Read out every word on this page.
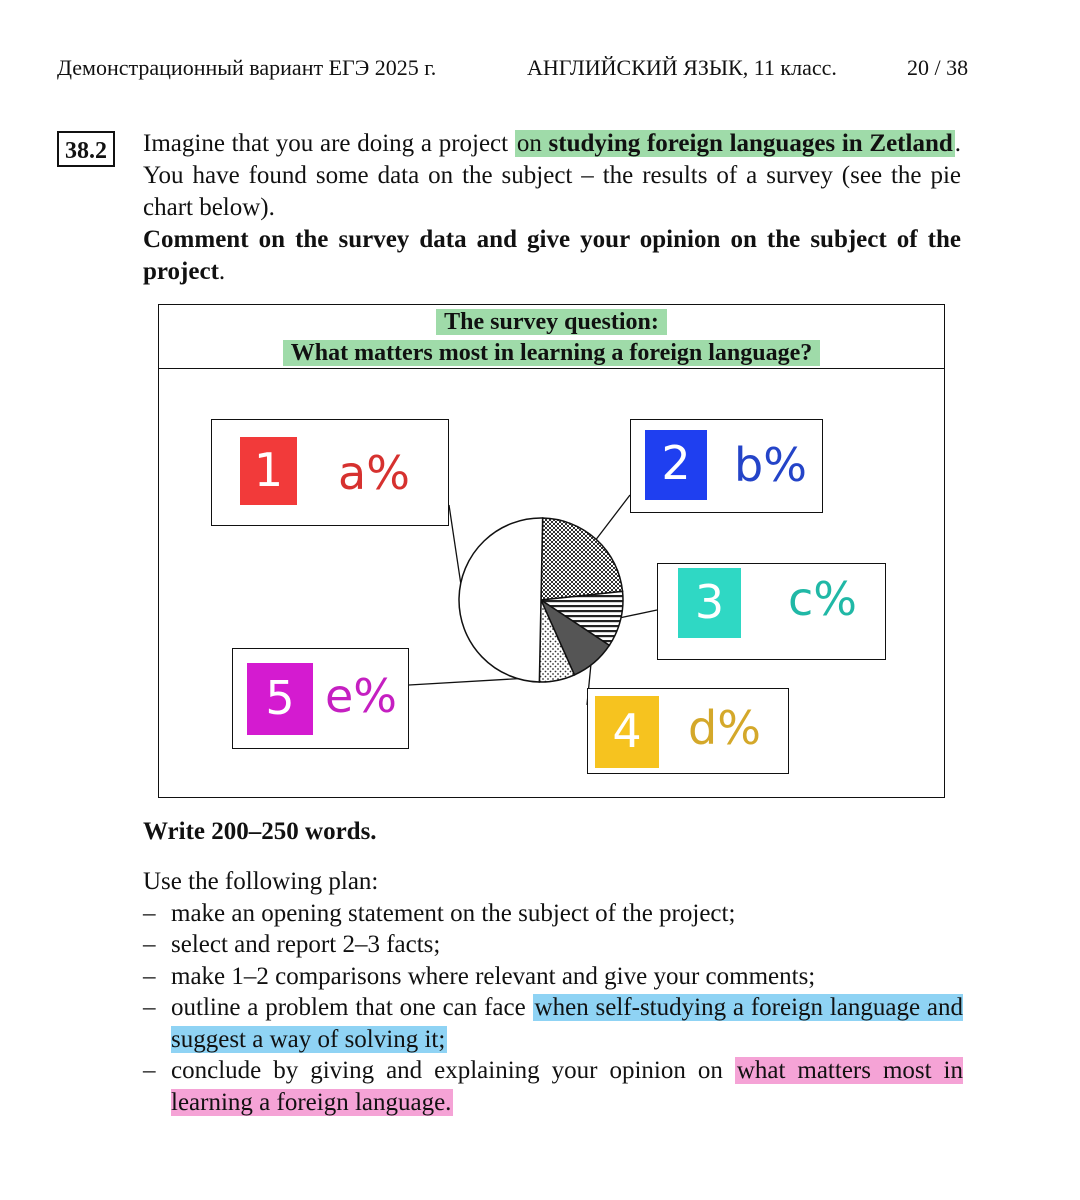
Демонстрационный вариант ЕГЭ 2025 г.	АНГЛИЙСКИЙ ЯЗЫК, 11 класс.	20 / 38
38.2	Imagine that you are doing a project on studying foreign languages in Zetland. You have found some data on the subject – the results of a survey (see the pie chart below).

Comment on the survey data and give your opinion on the subject of the project.

The survey question:
What matters most in learning a foreign language?
1	a%	2 b%
3	c%
4	d%
5 e%
Write 200–250 words.

Use the following plan:

– make an opening statement on the subject of the project;
– select and report 2–3 facts;
– make 1–2 comparisons where relevant and give your comments;
– outline a problem that one can face when self-studying a foreign language and suggest a way of solving it;
– conclude by giving and explaining your opinion on what matters most in learning a foreign language.
